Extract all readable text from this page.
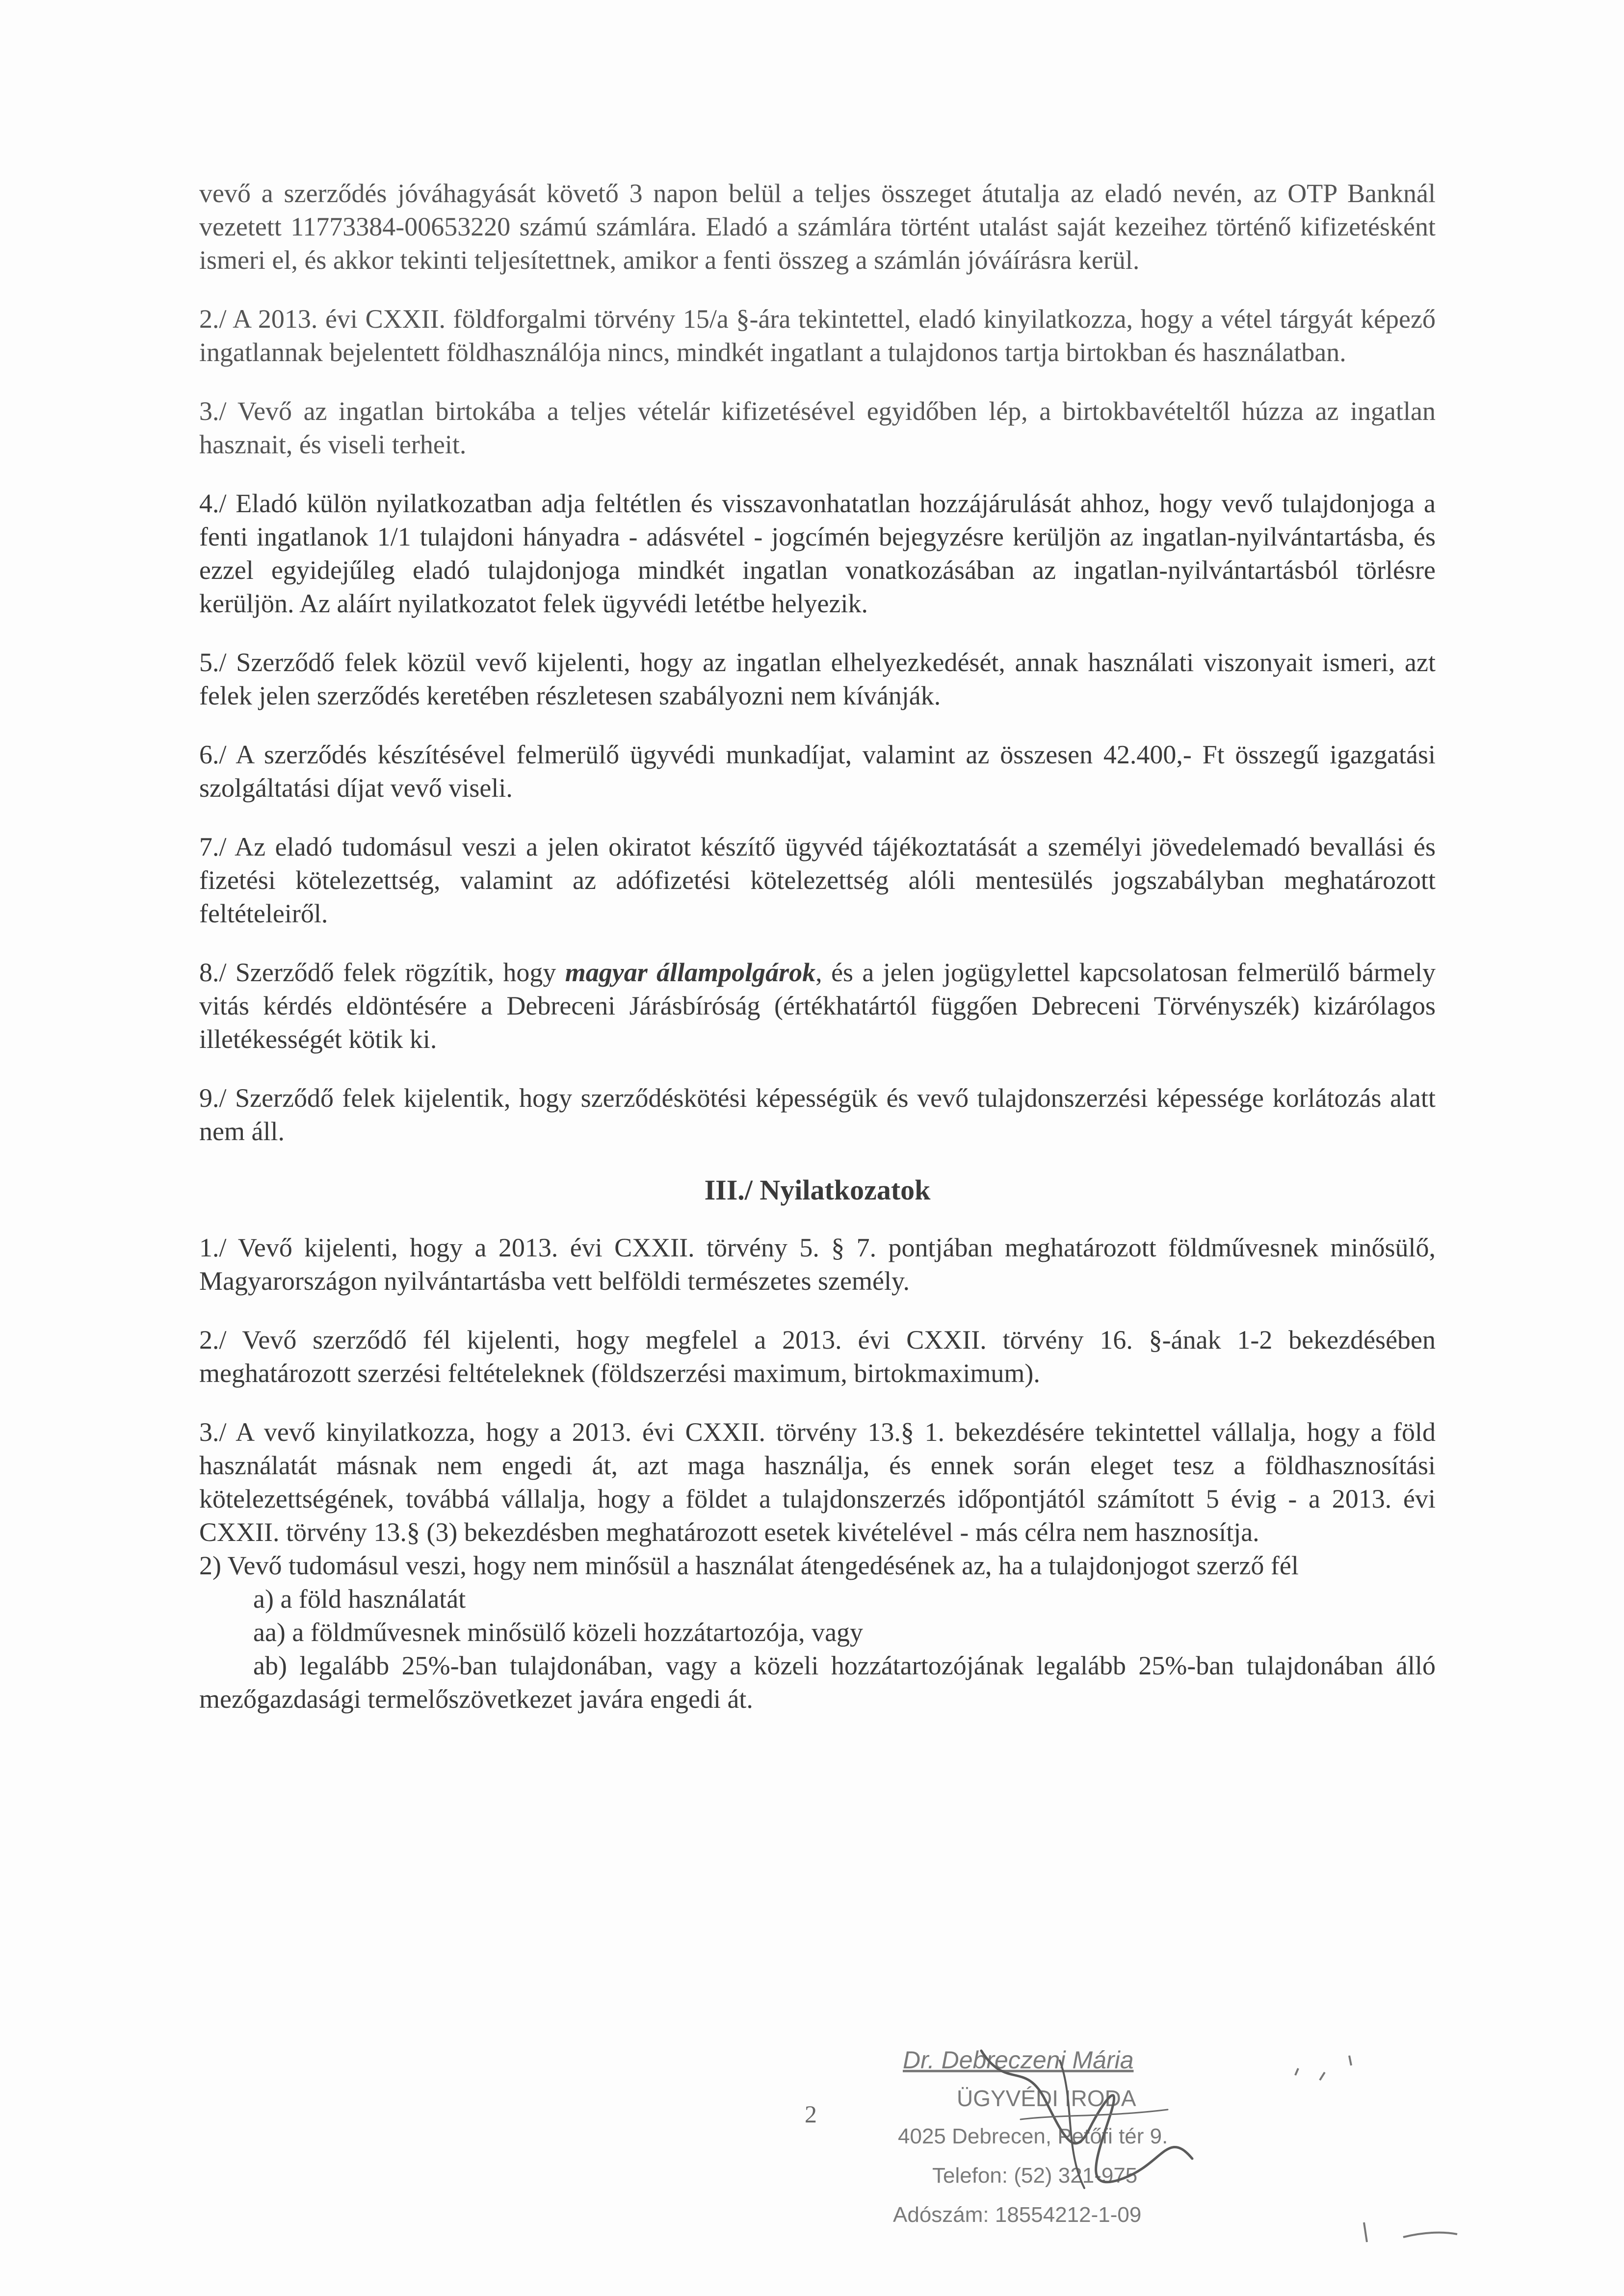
vevő a szerződés jóváhagyását követő 3 napon belül a teljes összeget átutalja az eladó nevén, az OTP Banknál vezetett 11773384-00653220 számú számlára. Eladó a számlára történt utalást saját kezeihez történő kifizetésként ismeri el, és akkor tekinti teljesítettnek, amikor a fenti összeg a számlán jóváírásra kerül.

2./ A 2013. évi CXXII. földforgalmi törvény 15/a §-ára tekintettel, eladó kinyilatkozza, hogy a vétel tárgyát képező ingatlannak bejelentett földhasználója nincs, mindkét ingatlant a tulajdonos tartja birtokban és használatban.

3./ Vevő az ingatlan birtokába a teljes vételár kifizetésével egyidőben lép, a birtokbavételtől húzza az ingatlan hasznait, és viseli terheit.

4./ Eladó külön nyilatkozatban adja feltétlen és visszavonhatatlan hozzájárulását ahhoz, hogy vevő tulajdonjoga a fenti ingatlanok 1/1 tulajdoni hányadra - adásvétel - jogcímén bejegyzésre kerüljön az ingatlan-nyilvántartásba, és ezzel egyidejűleg eladó tulajdonjoga mindkét ingatlan vonatkozásában az ingatlan-nyilvántartásból törlésre kerüljön. Az aláírt nyilatkozatot felek ügyvédi letétbe helyezik.

5./ Szerződő felek közül vevő kijelenti, hogy az ingatlan elhelyezkedését, annak használati viszonyait ismeri, azt felek jelen szerződés keretében részletesen szabályozni nem kívánják.

6./ A szerződés készítésével felmerülő ügyvédi munkadíjat, valamint az összesen 42.400,- Ft összegű igazgatási szolgáltatási díjat vevő viseli.

7./ Az eladó tudomásul veszi a jelen okiratot készítő ügyvéd tájékoztatását a személyi jövedelemadó bevallási és fizetési kötelezettség, valamint az adófizetési kötelezettség alóli mentesülés jogszabályban meghatározott feltételeiről.

8./ Szerződő felek rögzítik, hogy magyar állampolgárok, és a jelen jogügylettel kapcsolatosan felmerülő bármely vitás kérdés eldöntésére a Debreceni Járásbíróság (értékhatártól függően Debreceni Törvényszék) kizárólagos illetékességét kötik ki.

9./ Szerződő felek kijelentik, hogy szerződéskötési képességük és vevő tulajdonszerzési képessége korlátozás alatt nem áll.

III./ Nyilatkozatok

1./ Vevő kijelenti, hogy a 2013. évi CXXII. törvény 5. § 7. pontjában meghatározott földművesnek minősülő, Magyarországon nyilvántartásba vett belföldi természetes személy.

2./ Vevő szerződő fél kijelenti, hogy megfelel a 2013. évi CXXII. törvény 16. §-ának 1-2 bekezdésében meghatározott szerzési feltételeknek (földszerzési maximum, birtokmaximum).

3./ A vevő kinyilatkozza, hogy a 2013. évi CXXII. törvény 13.§ 1. bekezdésére tekintettel vállalja, hogy a föld használatát másnak nem engedi át, azt maga használja, és ennek során eleget tesz a földhasznosítási kötelezettségének, továbbá vállalja, hogy a földet a tulajdonszerzés időpontjától számított 5 évig - a 2013. évi CXXII. törvény 13.§ (3) bekezdésben meghatározott esetek kivételével - más célra nem hasznosítja.

2) Vevő tudomásul veszi, hogy nem minősül a használat átengedésének az, ha a tulajdonjogot szerző fél

a) a föld használatát

aa) a földművesnek minősülő közeli hozzátartozója, vagy

ab) legalább 25%-ban tulajdonában, vagy a közeli hozzátartozójának legalább 25%-ban tulajdonában álló mezőgazdasági termelőszövetkezet javára engedi át.

2
Dr. Debreczeni Mária
ÜGYVÉDI IRODA
4025 Debrecen, Petőfi tér 9.
Telefon: (52) 321-975
Adószám: 18554212-1-09
